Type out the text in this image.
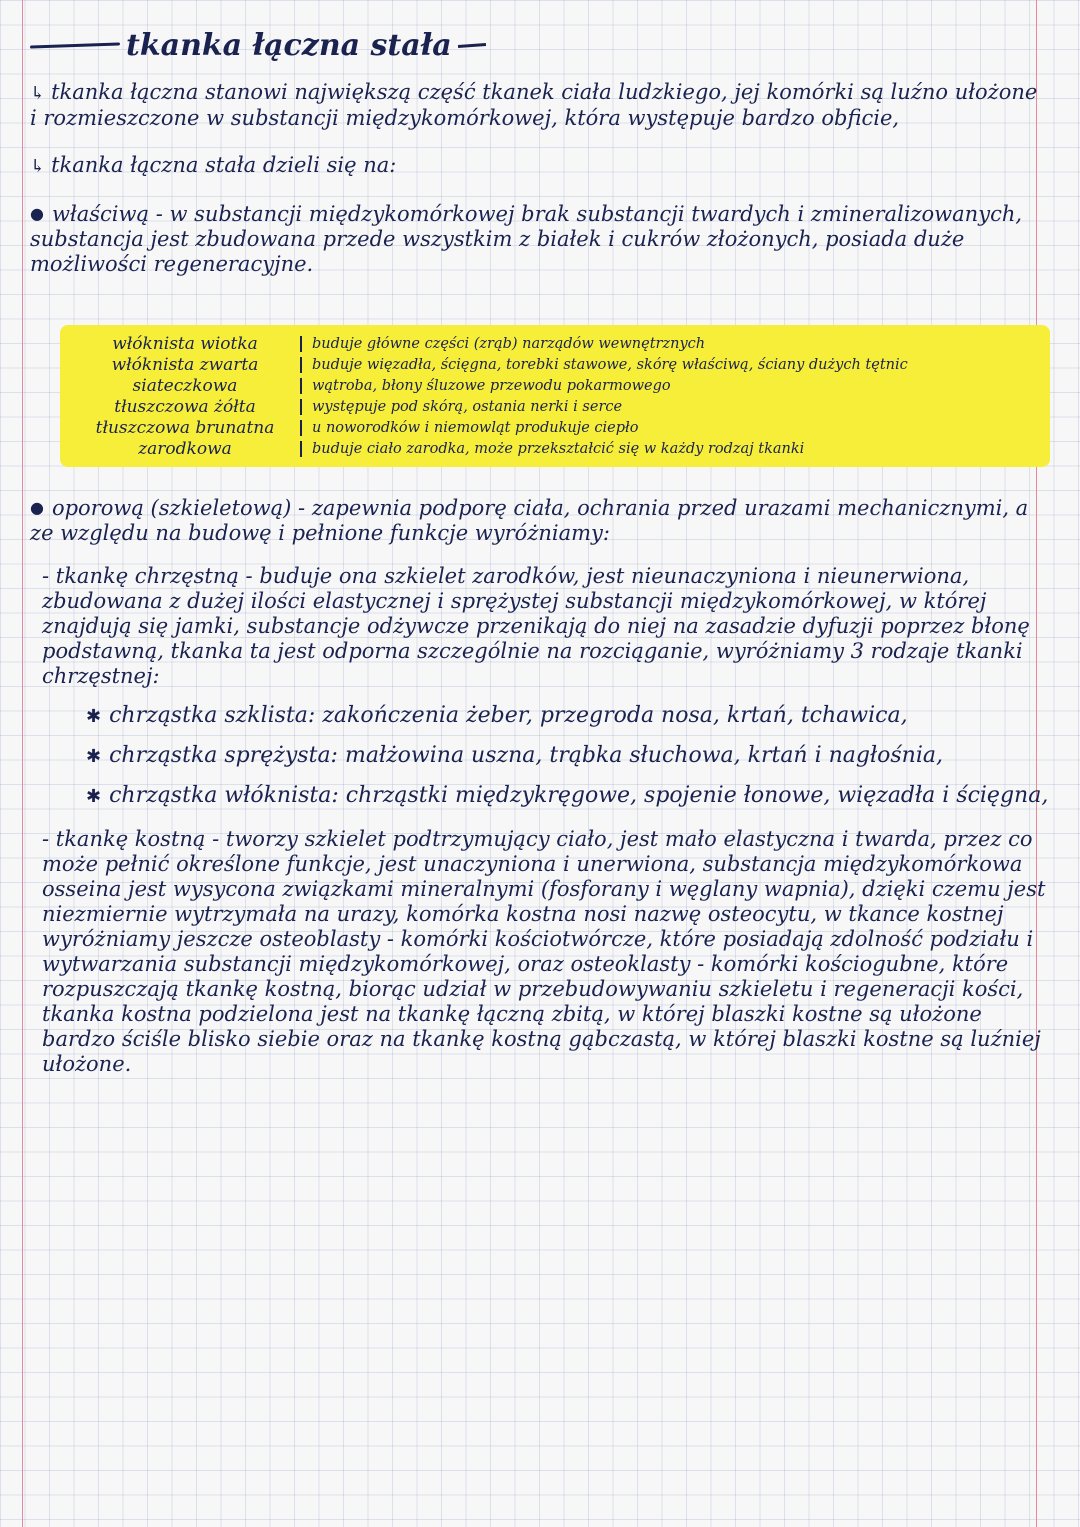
tkanka łączna stała

↳ tkanka łączna stanowi największą część tkanek ciała ludzkiego, jej komórki są luźno ułożone i rozmieszczone w substancji międzykomórkowej, która występuje bardzo obficie,

↳ tkanka łączna stała dzieli się na:

● właściwą - w substancji międzykomórkowej brak substancji twardych i zmineralizowanych, substancja jest zbudowana przede wszystkim z białek i cukrów złożonych, posiada duże możliwości regeneracyjne.

włóknista wiotka	buduje główne części (zrąb) narządów wewnętrznych
włóknista zwarta	buduje więzadła, ścięgna, torebki stawowe, skórę właściwą, ściany dużych tętnic
siateczkowa	wątroba, błony śluzowe przewodu pokarmowego
tłuszczowa żółta	występuje pod skórą, ostania nerki i serce
tłuszczowa brunatna	u noworodków i niemowląt produkuje ciepło
zarodkowa	buduje ciało zarodka, może przekształcić się w każdy rodzaj tkanki

● oporową (szkieletową) - zapewnia podporę ciała, ochrania przed urazami mechanicznymi, a ze względu na budowę i pełnione funkcje wyróżniamy:

- tkankę chrzęstną - buduje ona szkielet zarodków, jest nieunaczyniona i nieunerwiona, zbudowana z dużej ilości elastycznej i sprężystej substancji międzykomórkowej, w której znajdują się jamki, substancje odżywcze przenikają do niej na zasadzie dyfuzji poprzez błonę podstawną, tkanka ta jest odporna szczególnie na rozciąganie, wyróżniamy 3 rodzaje tkanki chrzęstnej:

✱ chrząstka szklista: zakończenia żeber, przegroda nosa, krtań, tchawica,

✱ chrząstka sprężysta: małżowina uszna, trąbka słuchowa, krtań i nagłośnia,

✱ chrząstka włóknista: chrząstki międzykręgowe, spojenie łonowe, więzadła i ścięgna,

- tkankę kostną - tworzy szkielet podtrzymujący ciało, jest mało elastyczna i twarda, przez co może pełnić określone funkcje, jest unaczyniona i unerwiona, substancja międzykomórkowa osseina jest wysycona związkami mineralnymi (fosforany i węglany wapnia), dzięki czemu jest niezmiernie wytrzymała na urazy, komórka kostna nosi nazwę osteocytu, w tkance kostnej wyróżniamy jeszcze osteoblasty - komórki kościotwórcze, które posiadają zdolność podziału i wytwarzania substancji międzykomórkowej, oraz osteoklasty - komórki kościogubne, które rozpuszczają tkankę kostną, biorąc udział w przebudowywaniu szkieletu i regeneracji kości, tkanka kostna podzielona jest na tkankę łączną zbitą, w której blaszki kostne są ułożone bardzo ściśle blisko siebie oraz na tkankę kostną gąbczastą, w której blaszki kostne są luźniej ułożone.
